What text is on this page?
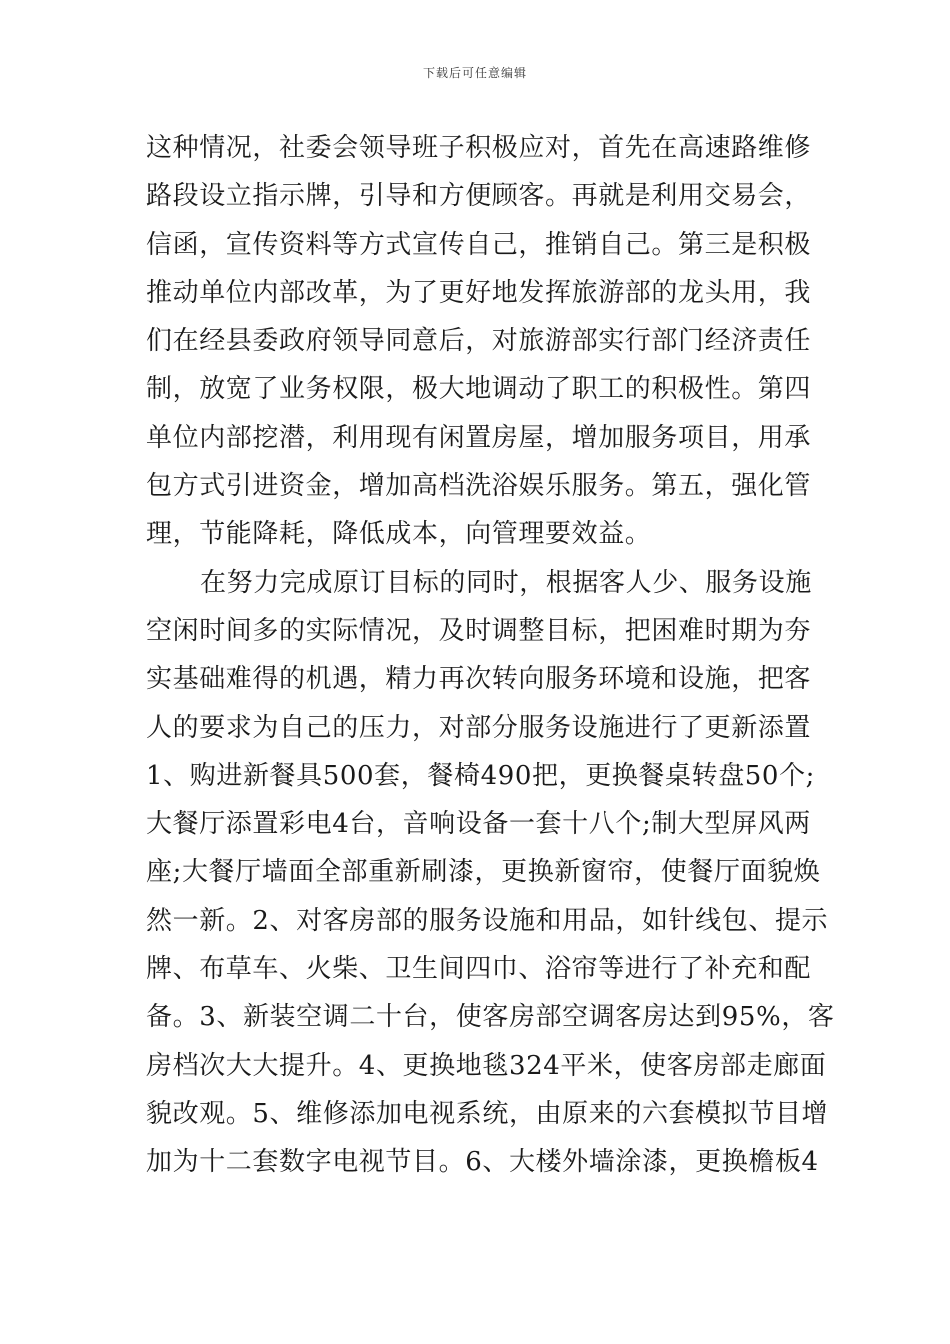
下载后可任意编辑
这种情况，社委会领导班子积极应对，首先在高速路维修
路段设立指示牌，引导和方便顾客。再就是利用交易会，
信函，宣传资料等方式宣传自己，推销自己。第三是积极
推动单位内部改革，为了更好地发挥旅游部的龙头用，我
们在经县委政府领导同意后，对旅游部实行部门经济责任
制，放宽了业务权限，极大地调动了职工的积极性。第四
单位内部挖潜，利用现有闲置房屋，增加服务项目，用承
包方式引进资金，增加高档洗浴娱乐服务。第五，强化管
理，节能降耗，降低成本，向管理要效益。
在努力完成原订目标的同时，根据客人少、服务设施
空闲时间多的实际情况，及时调整目标，把困难时期为夯
实基础难得的机遇，精力再次转向服务环境和设施，把客
人的要求为自己的压力，对部分服务设施进行了更新添置
1、购进新餐具500套，餐椅490把，更换餐桌转盘50个;
大餐厅添置彩电4台，音响设备一套十八个;制大型屏风两
座;大餐厅墙面全部重新刷漆，更换新窗帘，使餐厅面貌焕
然一新。2、对客房部的服务设施和用品，如针线包、提示
牌、布草车、火柴、卫生间四巾、浴帘等进行了补充和配
备。3、新装空调二十台，使客房部空调客房达到95%，客
房档次大大提升。4、更换地毯324平米，使客房部走廊面
貌改观。5、维修添加电视系统，由原来的六套模拟节目增
加为十二套数字电视节目。6、大楼外墙涂漆，更换檐板4
